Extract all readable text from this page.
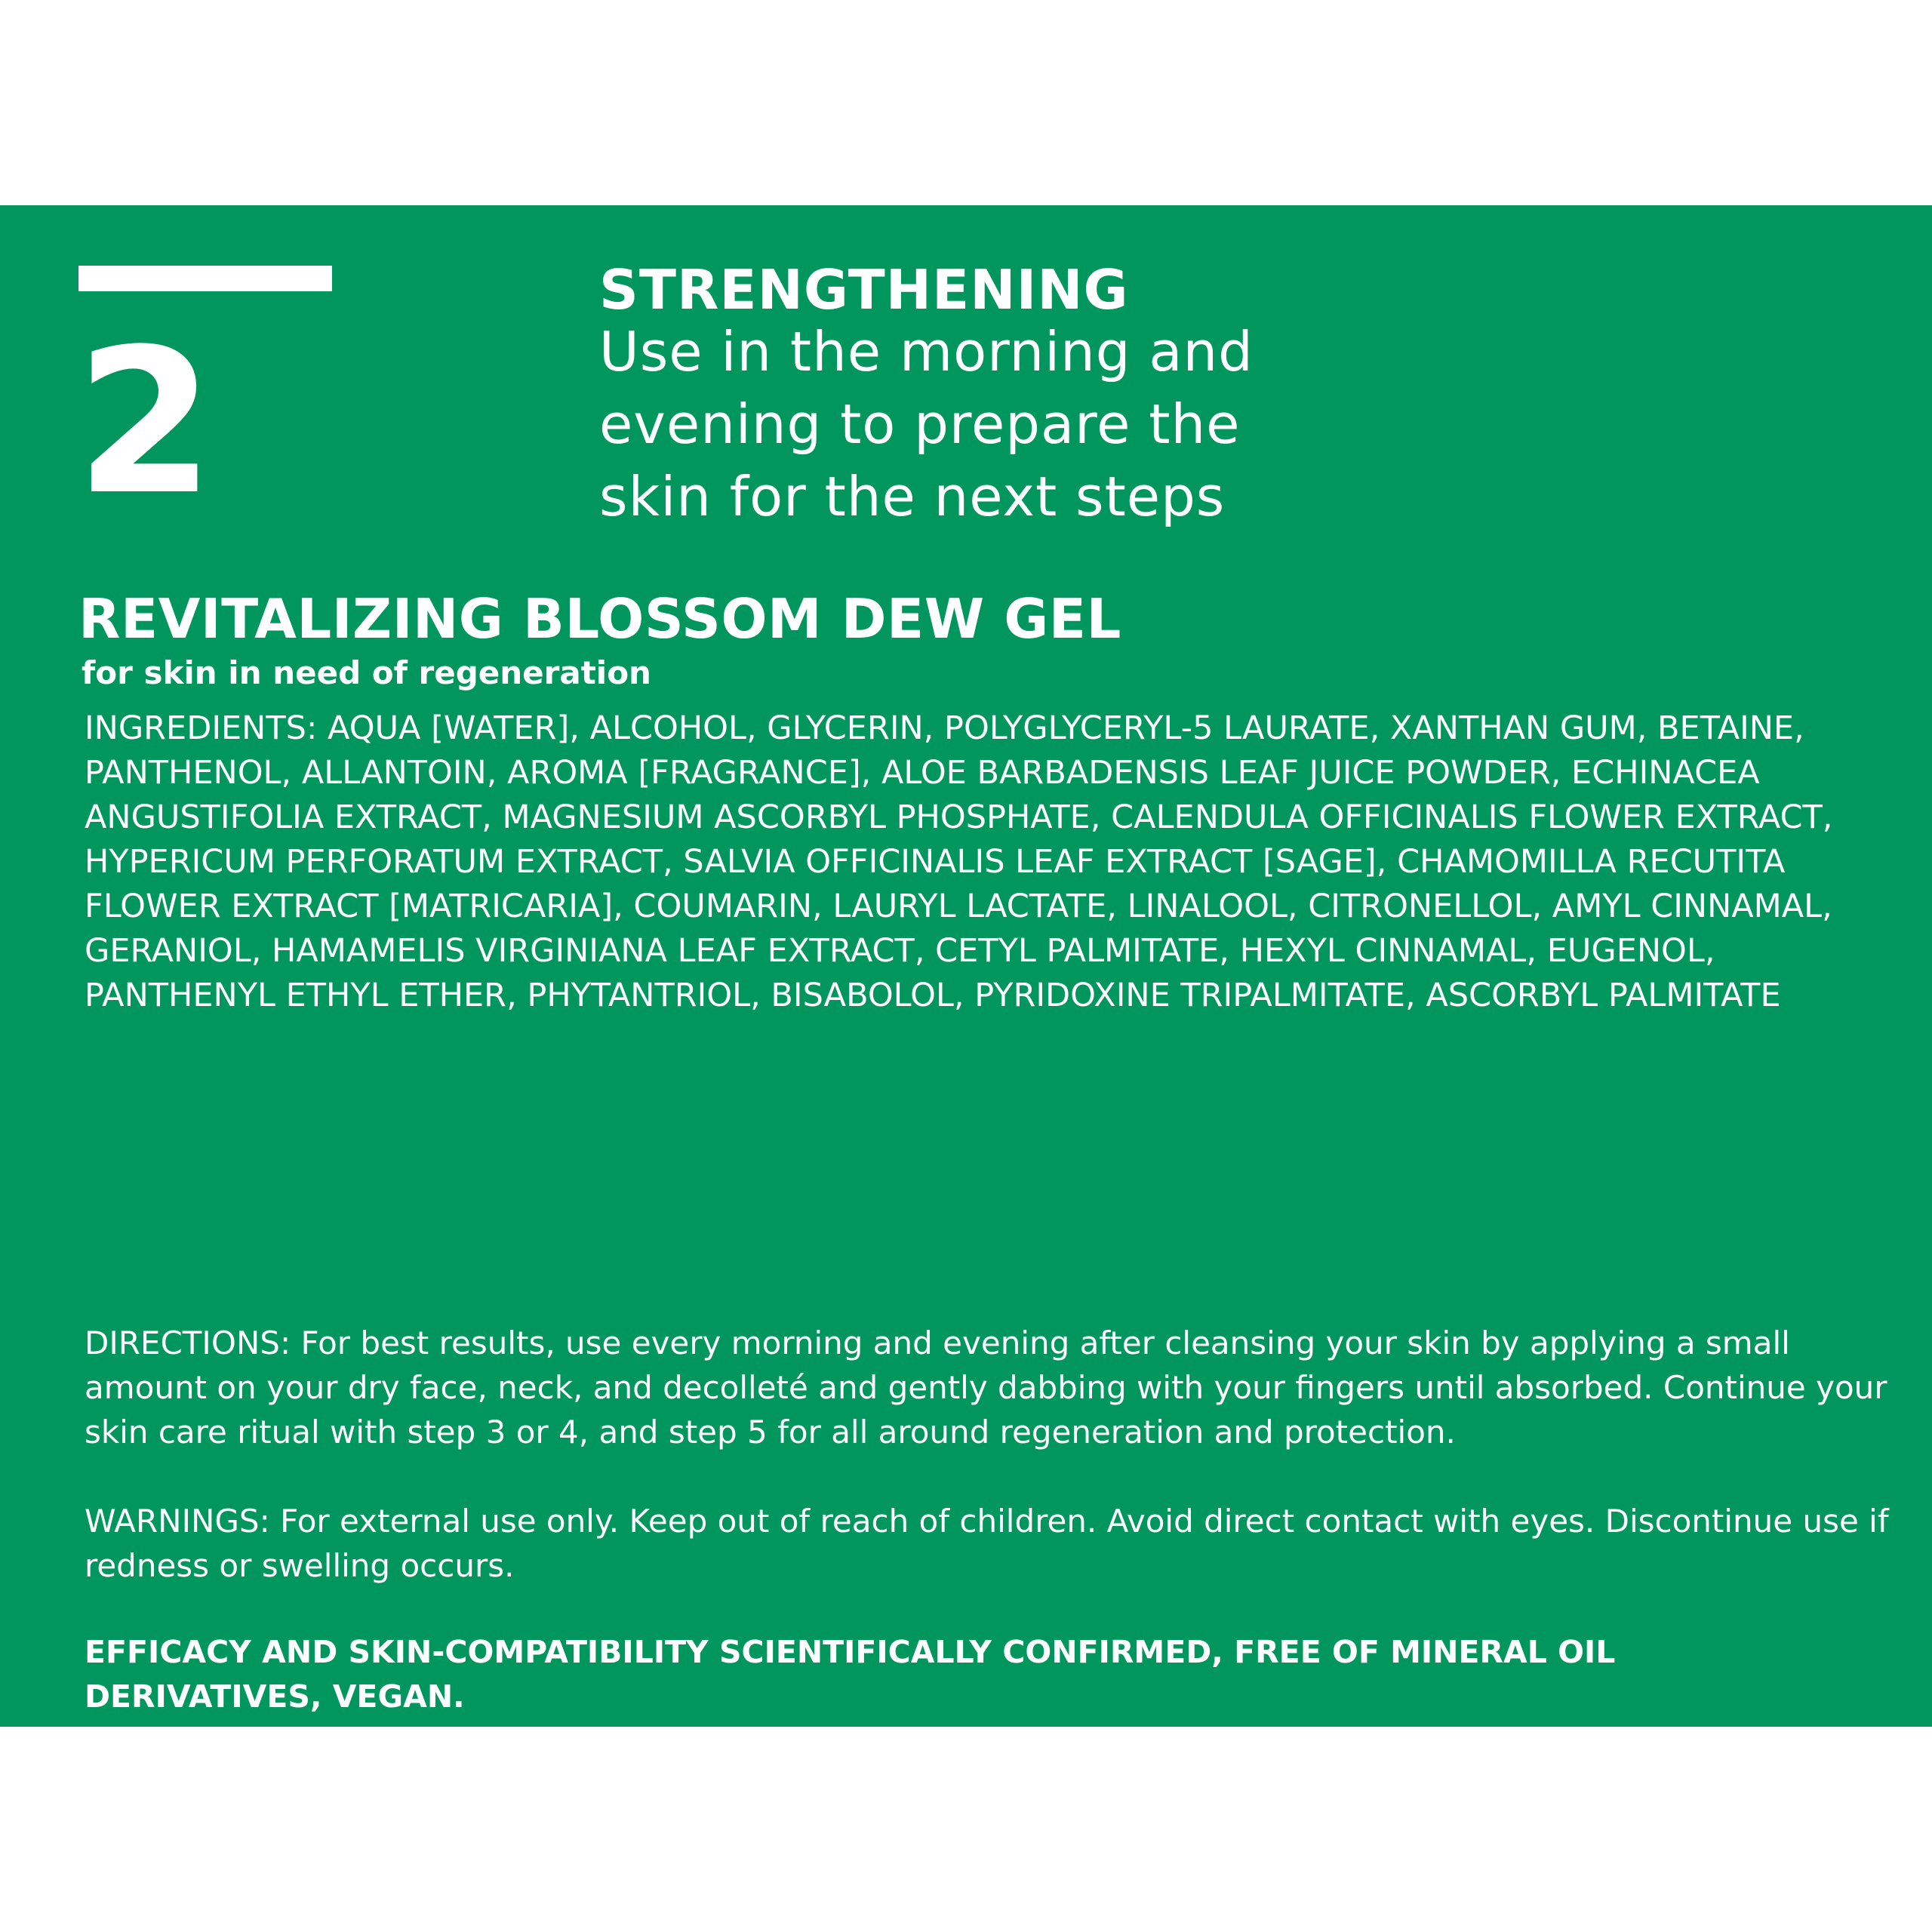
2
STRENGTHENING
Use in the morning and evening to prepare the skin for the next steps
REVITALIZING BLOSSOM DEW GEL
for skin in need of regeneration
INGREDIENTS: AQUA [WATER], ALCOHOL, GLYCERIN, POLYGLYCERYL-5 LAURATE, XANTHAN GUM, BETAINE, PANTHENOL, ALLANTOIN, AROMA [FRAGRANCE], ALOE BARBADENSIS LEAF JUICE POWDER, ECHINACEA ANGUSTIFOLIA EXTRACT, MAGNESIUM ASCORBYL PHOSPHATE, CALENDULA OFFICINALIS FLOWER EXTRACT, HYPERICUM PERFORATUM EXTRACT, SALVIA OFFICINALIS LEAF EXTRACT [SAGE], CHAMOMILLA RECUTITA FLOWER EXTRACT [MATRICARIA], COUMARIN, LAURYL LACTATE, LINALOOL, CITRONELLOL, AMYL CINNAMAL, GERANIOL, HAMAMELIS VIRGINIANA LEAF EXTRACT, CETYL PALMITATE, HEXYL CINNAMAL, EUGENOL, PANTHENYL ETHYL ETHER, PHYTANTRIOL, BISABOLOL, PYRIDOXINE TRIPALMITATE, ASCORBYL PALMITATE
DIRECTIONS: For best results, use every morning and evening after cleansing your skin by applying a small amount on your dry face, neck, and decolleté and gently dabbing with your fingers until absorbed. Continue your skin care ritual with step 3 or 4, and step 5 for all around regeneration and protection.
WARNINGS: For external use only. Keep out of reach of children. Avoid direct contact with eyes. Discontinue use if redness or swelling occurs.
EFFICACY AND SKIN-COMPATIBILITY SCIENTIFICALLY CONFIRMED, FREE OF MINERAL OIL DERIVATIVES, VEGAN.
